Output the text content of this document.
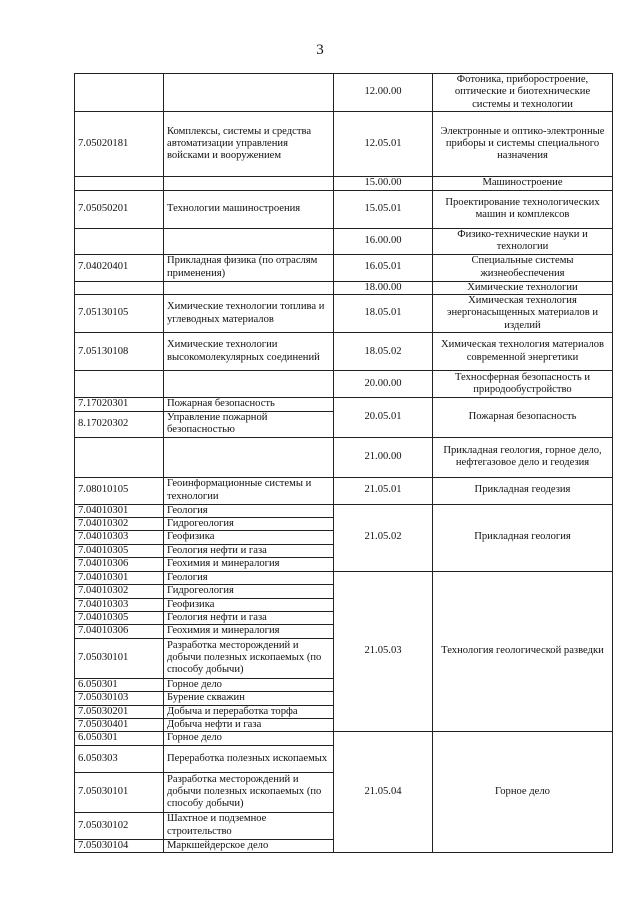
3
		12.00.00	Фотоника, приборостроение, оптические и биотехнические системы и технологии
7.05020181	Комплексы, системы и средства автоматизации управления войсками и вооружением	12.05.01	Электронные и оптико-электронные приборы и системы специального назначения
		15.00.00	Машиностроение
7.05050201	Технологии машиностроения	15.05.01	Проектирование технологических машин и комплексов
		16.00.00	Физико-технические науки и технологии
7.04020401	Прикладная физика (по отраслям применения)	16.05.01	Специальные системы жизнеобеспечения
		18.00.00	Химические технологии
7.05130105	Химические технологии топлива и углеводных материалов	18.05.01	Химическая технология энергонасыщенных материалов и изделий
7.05130108	Химические технологии высокомолекулярных соединений	18.05.02	Химическая технология материалов современной энергетики
		20.00.00	Техносферная безопасность и природообустройство
7.17020301	Пожарная безопасность	20.05.01	Пожарная безопасность
8.17020302	Управление пожарной безопасностью		
		21.00.00	Прикладная геология, горное дело, нефтегазовое дело и геодезия
7.08010105	Геоинформационные системы и технологии	21.05.01	Прикладная геодезия
7.04010301	Геология	21.05.02	Прикладная геология
7.04010302	Гидрогеология		
7.04010303	Геофизика		
7.04010305	Геология нефти и газа		
7.04010306	Геохимия и минералогия		
7.04010301	Геология	21.05.03	Технология геологической разведки
7.04010302	Гидрогеология		
7.04010303	Геофизика		
7.04010305	Геология нефти и газа		
7.04010306	Геохимия и минералогия		
7.05030101	Разработка месторождений и добычи полезных ископаемых (по способу добычи)		
6.050301	Горное дело		
7.05030103	Бурение скважин		
7.05030201	Добыча и переработка торфа		
7.05030401	Добыча нефти и газа		
6.050301	Горное дело	21.05.04	Горное дело
6.050303	Переработка полезных ископаемых		
7.05030101	Разработка месторождений и добычи полезных ископаемых (по способу добычи)		
7.05030102	Шахтное и подземное строительство		
7.05030104	Маркшейдерское дело		
